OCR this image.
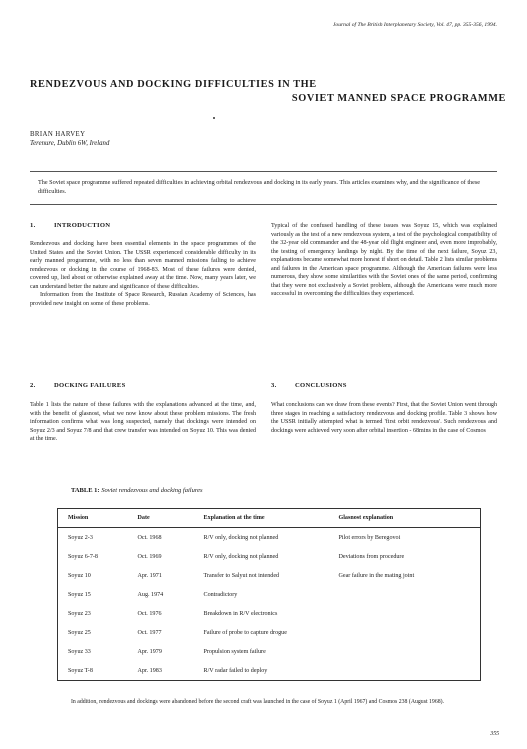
Journal of The British Interplanetary Society, Vol. 47, pp. 355-356, 1994.
RENDEZVOUS AND DOCKING DIFFICULTIES IN THE
SOVIET MANNED SPACE PROGRAMME
BRIAN HARVEY
Terenure, Dublin 6W, Ireland
The Soviet space programme suffered repeated difficulties in achieving orbital rendezvous and docking in its early years. This articles examines why, and the significance of these difficulties.
1.	INTRODUCTION
Rendezvous and docking have been essential elements in the space programmes of the United States and the Soviet Union. The USSR experienced considerable difficulty in its early manned programme, with no less than seven manned missions failing to achieve rendezvous or docking in the course of 1968-83. Most of these failures were denied, covered up, lied about or otherwise explained away at the time. Now, many years later, we can understand better the nature and significance of these difficulties.
Information from the Institute of Space Research, Russian Academy of Sciences, has provided new insight on some of these problems.
Typical of the confused handling of these issues was Soyuz 15, which was explained variously as the test of a new rendezvous system, a test of the psychological compatibility of the 32-year old commander and the 48-year old flight engineer and, even more improbably, the testing of emergency landings by night. By the time of the next failure, Soyuz 23, explanations became somewhat more honest if short on detail. Table 2 lists similar problems and failures in the American space programme. Although the American failures were less numerous, they show some similarities with the Soviet ones of the same period, confirming that they were not exclusively a Soviet problem, although the Americans were much more successful in overcoming the difficulties they experienced.
2.	DOCKING FAILURES
Table 1 lists the nature of these failures with the explanations advanced at the time, and, with the benefit of glasnost, what we now know about these problem missions. The fresh information confirms what was long suspected, namely that dockings were intended on Soyuz 2/3 and Soyuz 7/8 and that crew transfer was intended on Soyuz 10. This was denied at the time.
3.	CONCLUSIONS
What conclusions can we draw from these events? First, that the Soviet Union went through three stages in reaching a satisfactory rendezvous and docking profile. Table 3 shows how the USSR initially attempted what is termed 'first orbit rendezvous'. Such rendezvous and dockings were achieved very soon after orbital insertion - 68mins in the case of Cosmos
TABLE 1: Soviet rendezvous and docking failures
Mission	Date	Explanation at the time	Glasnost explanation
Soyuz 2-3	Oct. 1968	R/V only, docking not planned	Pilot errors by Beregovoi
Soyuz 6-7-8	Oct. 1969	R/V only, docking not planned	Deviations from procedure
Soyuz 10	Apr. 1971	Transfer to Salyut not intended	Gear failure in the mating joint
Soyuz 15	Aug. 1974	Contradictory	
Soyuz 23	Oct. 1976	Breakdown in R/V electronics	
Soyuz 25	Oct. 1977	Failure of probe to capture drogue	
Soyuz 33	Apr. 1979	Propulsion system failure	
Soyuz T-8	Apr. 1983	R/V radar failed to deploy	
In addition, rendezvous and dockings were abandoned before the second craft was launched in the case of Soyuz 1 (April 1967) and Cosmos 238 (August 1968).
355
